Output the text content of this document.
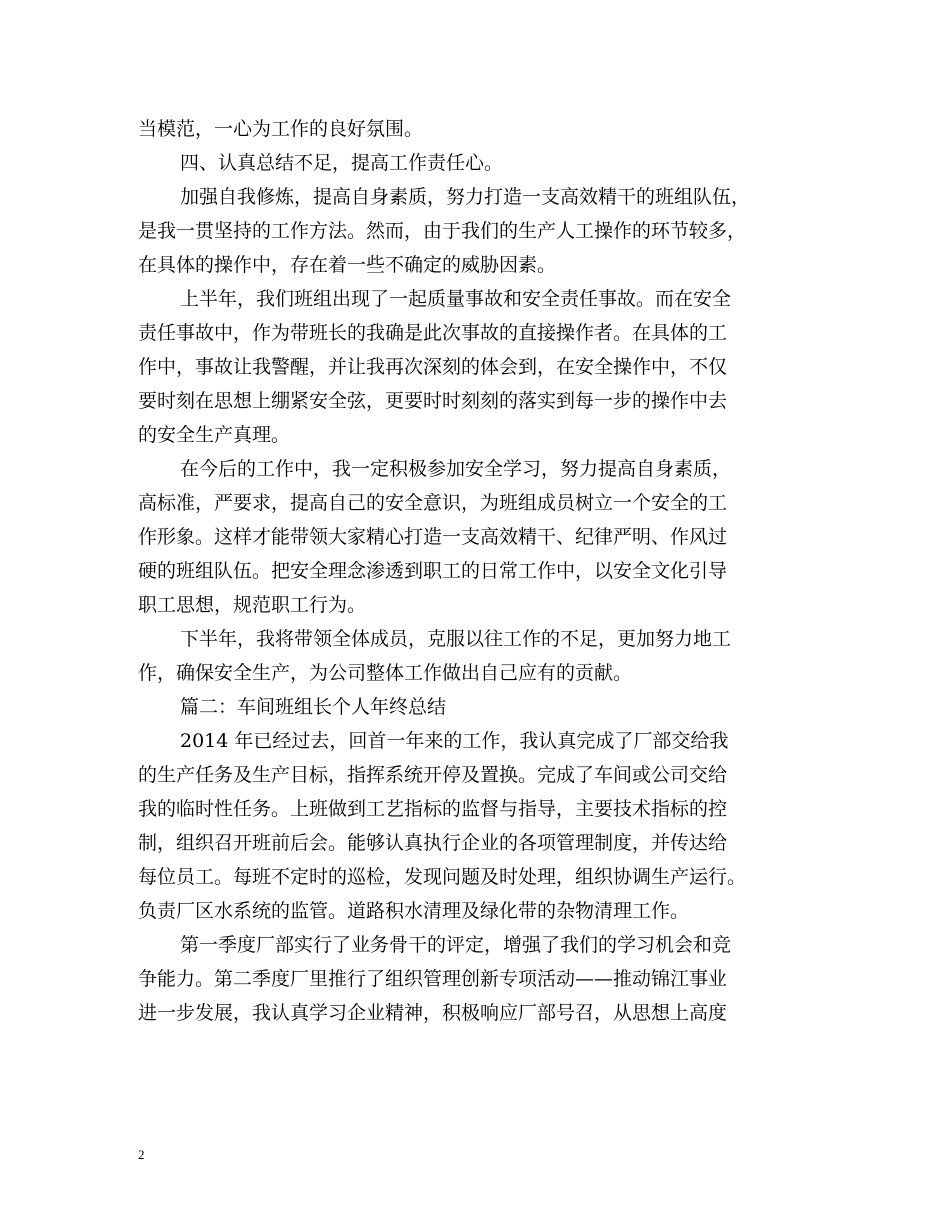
当模范，一心为工作的良好氛围。
四、认真总结不足，提高工作责任心。
加强自我修炼，提高自身素质，努力打造一支高效精干的班组队伍，
是我一贯坚持的工作方法。然而，由于我们的生产人工操作的环节较多，
在具体的操作中，存在着一些不确定的威胁因素。
上半年，我们班组出现了一起质量事故和安全责任事故。而在安全
责任事故中，作为带班长的我确是此次事故的直接操作者。在具体的工
作中，事故让我警醒，并让我再次深刻的体会到，在安全操作中，不仅
要时刻在思想上绷紧安全弦，更要时时刻刻的落实到每一步的操作中去
的安全生产真理。
在今后的工作中，我一定积极参加安全学习，努力提高自身素质，
高标准，严要求，提高自己的安全意识，为班组成员树立一个安全的工
作形象。这样才能带领大家精心打造一支高效精干、纪律严明、作风过
硬的班组队伍。把安全理念渗透到职工的日常工作中，以安全文化引导
职工思想，规范职工行为。
下半年，我将带领全体成员，克服以往工作的不足，更加努力地工
作，确保安全生产，为公司整体工作做出自己应有的贡献。
篇二：车间班组长个人年终总结
2014 年已经过去，回首一年来的工作，我认真完成了厂部交给我
的生产任务及生产目标，指挥系统开停及置换。完成了车间或公司交给
我的临时性任务。上班做到工艺指标的监督与指导，主要技术指标的控
制，组织召开班前后会。能够认真执行企业的各项管理制度，并传达给
每位员工。每班不定时的巡检，发现问题及时处理，组织协调生产运行。
负责厂区水系统的监管。道路积水清理及绿化带的杂物清理工作。
第一季度厂部实行了业务骨干的评定，增强了我们的学习机会和竞
争能力。第二季度厂里推行了组织管理创新专项活动——推动锦江事业
进一步发展，我认真学习企业精神，积极响应厂部号召，从思想上高度
2
